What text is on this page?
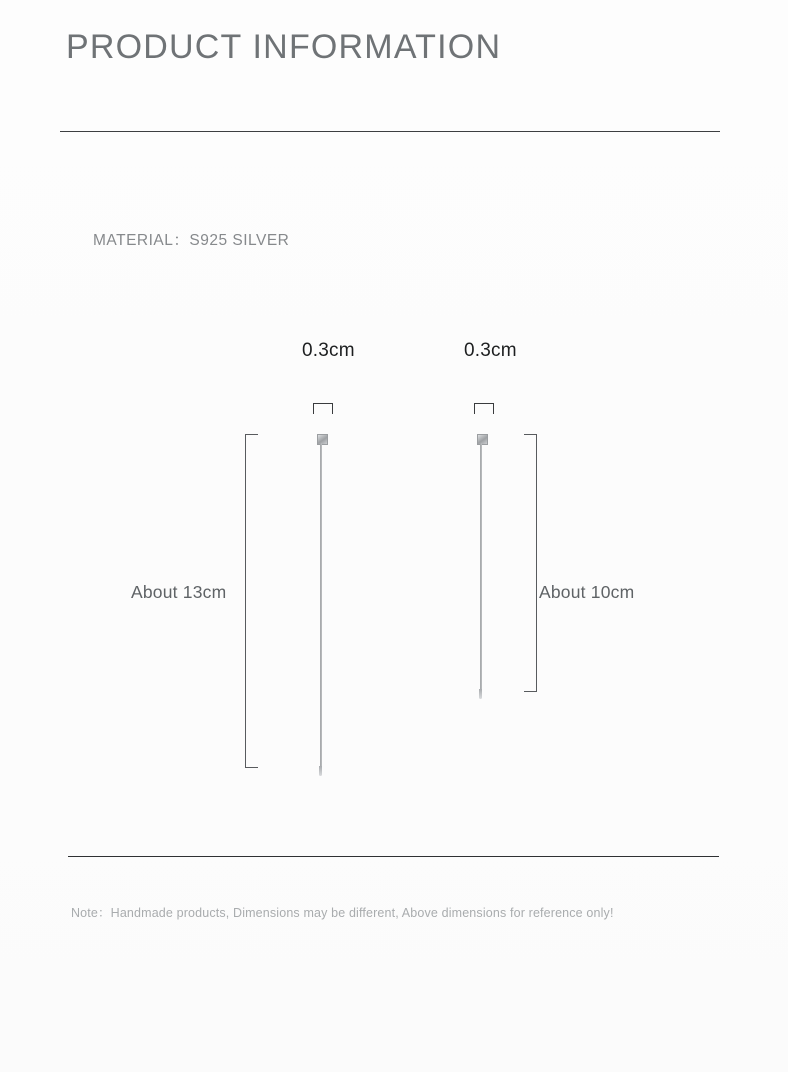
PRODUCT INFORMATION
MATERIAL：S925 SILVER
0.3cm
About 13cm
0.3cm
About 10cm
Note：Handmade products, Dimensions may be different, Above dimensions for reference only!
